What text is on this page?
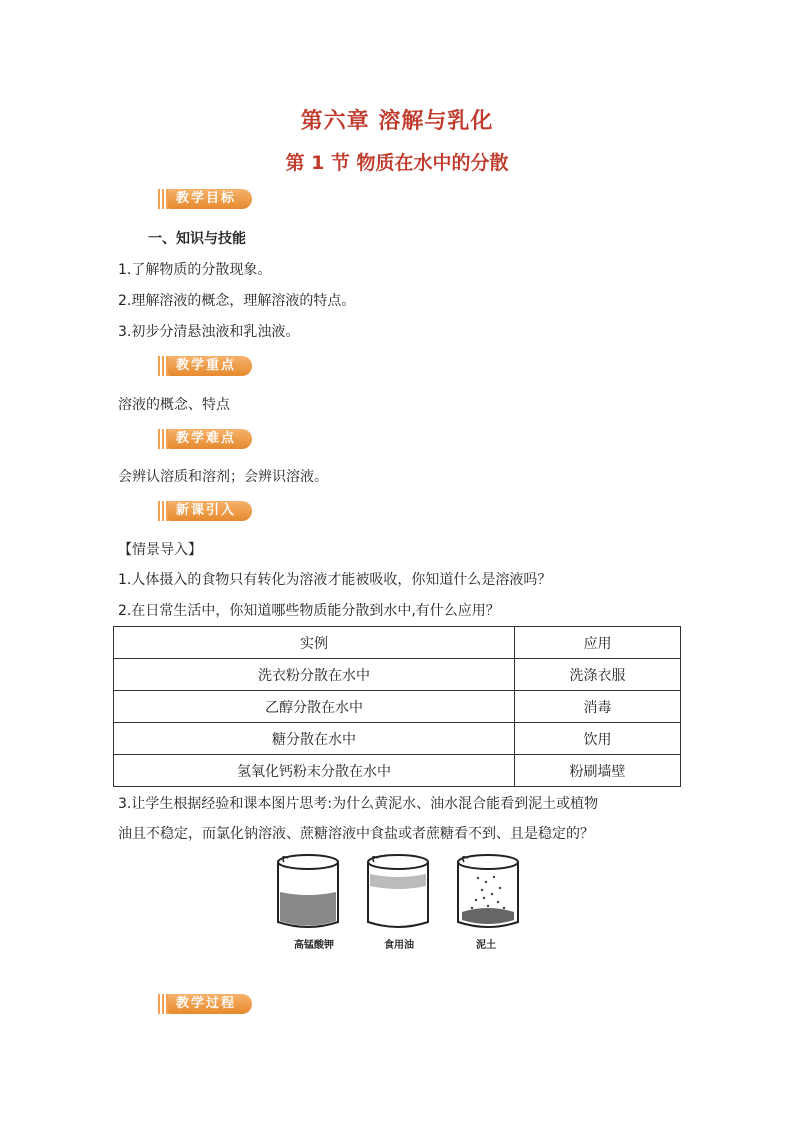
第六章 溶解与乳化
第 1 节 物质在水中的分散
教学目标
一、知识与技能
1.了解物质的分散现象。
2.理解溶液的概念，理解溶液的特点。
3.初步分清悬浊液和乳浊液。
教学重点
溶液的概念、特点
教学难点
会辨认溶质和溶剂；会辨识溶液。
新课引入
【情景导入】
1.人体摄入的食物只有转化为溶液才能被吸收，你知道什么是溶液吗？
2.在日常生活中，你知道哪些物质能分散到水中,有什么应用？
实例	应用
洗衣粉分散在水中	洗涤衣服
乙醇分散在水中	消毒
糖分散在水中	饮用
氢氧化钙粉末分散在水中	粉刷墙壁
3.让学生根据经验和课本图片思考:为什么黄泥水、油水混合能看到泥土或植物
油且不稳定，而氯化钠溶液、蔗糖溶液中食盐或者蔗糖看不到、且是稳定的？
高锰酸钾	食用油	泥土
教学过程
